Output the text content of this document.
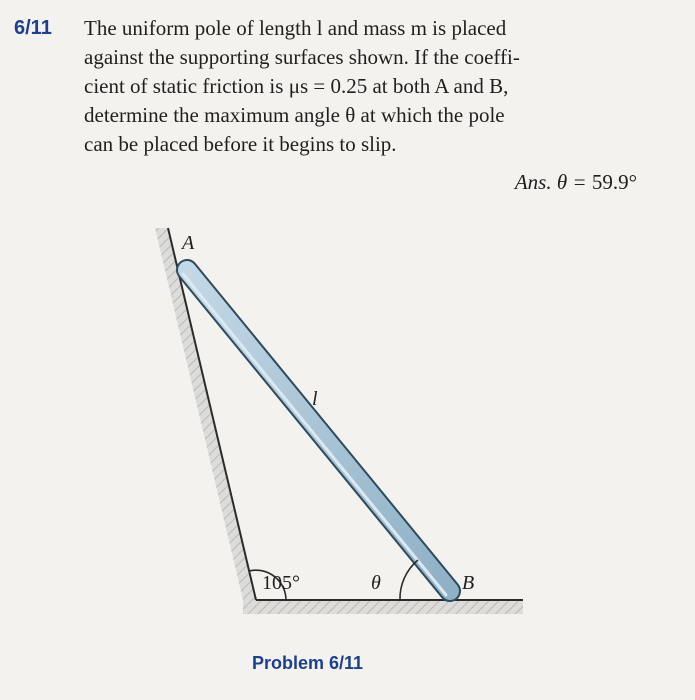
6/11 The uniform pole of length l and mass m is placed
against the supporting surfaces shown. If the coeffi-
cient of static friction is μs = 0.25 at both A and B,
determine the maximum angle θ at which the pole
can be placed before it begins to slip.
Ans. θ = 59.9°
A
l
105°	θ	B
Problem 6/11
